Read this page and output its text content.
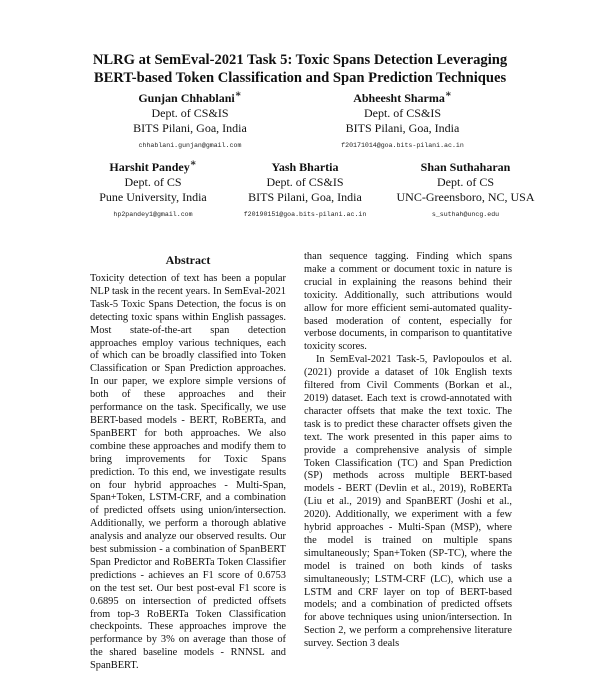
NLRG at SemEval-2021 Task 5: Toxic Spans Detection Leveraging
BERT-based Token Classification and Span Prediction Techniques
Gunjan Chhablani∗
Dept. of CS&IS
BITS Pilani, Goa, India
chhablani.gunjan@gmail.com
Abheesht Sharma∗
Dept. of CS&IS
BITS Pilani, Goa, India
f20171014@goa.bits-pilani.ac.in
Harshit Pandey∗
Dept. of CS
Pune University, India
hp2pandey1@gmail.com
Yash Bhartia
Dept. of CS&IS
BITS Pilani, Goa, India
f20190151@goa.bits-pilani.ac.in
Shan Suthaharan
Dept. of CS
UNC-Greensboro, NC, USA
s_suthah@uncg.edu
Abstract

Toxicity detection of text has been a popular NLP task in the recent years. In SemEval-2021 Task-5 Toxic Spans Detection, the focus is on detecting toxic spans within English passages. Most state-of-the-art span detection approaches employ various techniques, each of which can be broadly classified into Token Classification or Span Prediction approaches. In our paper, we explore simple versions of both of these approaches and their performance on the task. Specifically, we use BERT-based models - BERT, RoBERTa, and SpanBERT for both approaches. We also combine these approaches and modify them to bring improvements for Toxic Spans prediction. To this end, we investigate results on four hybrid approaches - Multi-Span, Span+Token, LSTM-CRF, and a combination of predicted offsets using union/intersection. Additionally, we perform a thorough ablative analysis and analyze our observed results. Our best submission - a combination of SpanBERT Span Predictor and RoBERTa Token Classifier predictions - achieves an F1 score of 0.6753 on the test set. Our best post-eval F1 score is 0.6895 on intersection of predicted offsets from top-3 RoBERTa Token Classification checkpoints. These approaches improve the performance by 3% on average than those of the shared baseline models - RNNSL and SpanBERT.

than sequence tagging. Finding which spans make a comment or document toxic in nature is crucial in explaining the reasons behind their toxicity. Additionally, such attributions would allow for more efficient semi-automated quality-based moderation of content, especially for verbose documents, in comparison to quantitative toxicity scores.

In SemEval-2021 Task-5, Pavlopoulos et al. (2021) provide a dataset of 10k English texts filtered from Civil Comments (Borkan et al., 2019) dataset. Each text is crowd-annotated with character offsets that make the text toxic. The task is to predict these character offsets given the text. The work presented in this paper aims to provide a comprehensive analysis of simple Token Classification (TC) and Span Prediction (SP) methods across multiple BERT-based models - BERT (Devlin et al., 2019), RoBERTa (Liu et al., 2019) and SpanBERT (Joshi et al., 2020). Additionally, we experiment with a few hybrid approaches - Multi-Span (MSP), where the model is trained on multiple spans simultaneously; Span+Token (SP-TC), where the model is trained on both kinds of tasks simultaneously; LSTM-CRF (LC), which use a LSTM and CRF layer on top of BERT-based models; and a combination of predicted offsets for above techniques using union/intersection. In Section 2, we perform a comprehensive literature survey. Section 3 deals
